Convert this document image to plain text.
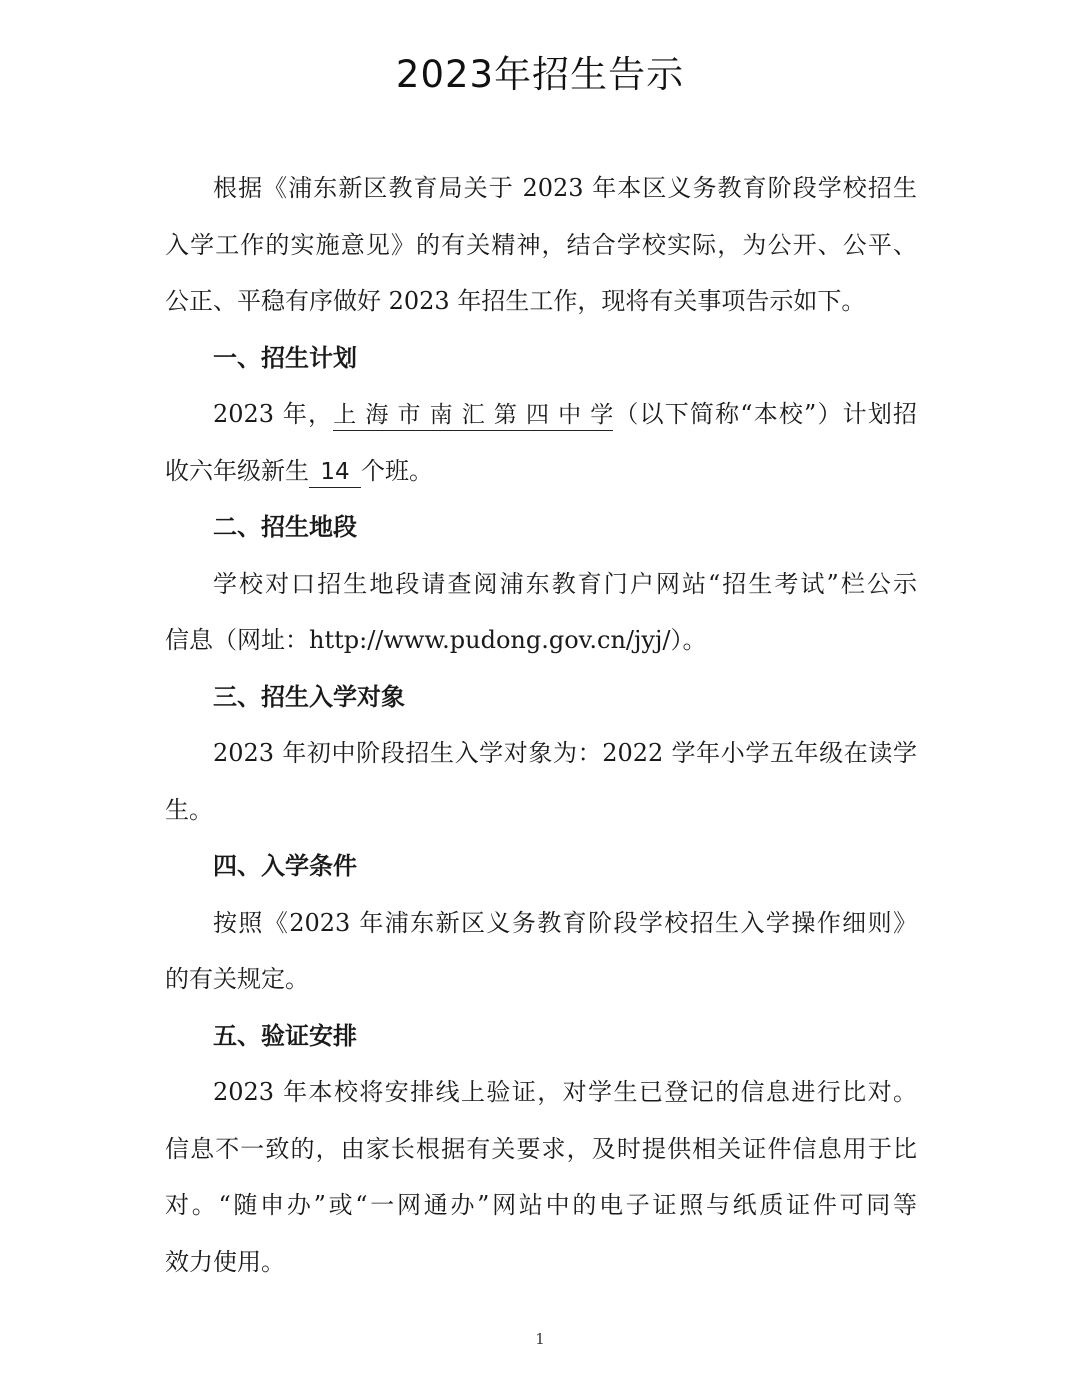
2023年招生告示
根据《浦东新区教育局关于 2023 年本区义务教育阶段学校招生
入学工作的实施意见》的有关精神，结合学校实际，为公开、公平、
公正、平稳有序做好 2023 年招生工作，现将有关事项告示如下。
一、招生计划
2023 年，上海市南汇第四中学（以下简称“本校”）计划招
收六年级新生 14 个班。
二、招生地段
学校对口招生地段请查阅浦东教育门户网站“招生考试”栏公示
信息（网址：http://www.pudong.gov.cn/jyj/）。
三、招生入学对象
2023 年初中阶段招生入学对象为：2022 学年小学五年级在读学
生。
四、入学条件
按照《2023 年浦东新区义务教育阶段学校招生入学操作细则》
的有关规定。
五、验证安排
2023 年本校将安排线上验证，对学生已登记的信息进行比对。
信息不一致的，由家长根据有关要求，及时提供相关证件信息用于比
对。“随申办”或“一网通办”网站中的电子证照与纸质证件可同等
效力使用。
1
